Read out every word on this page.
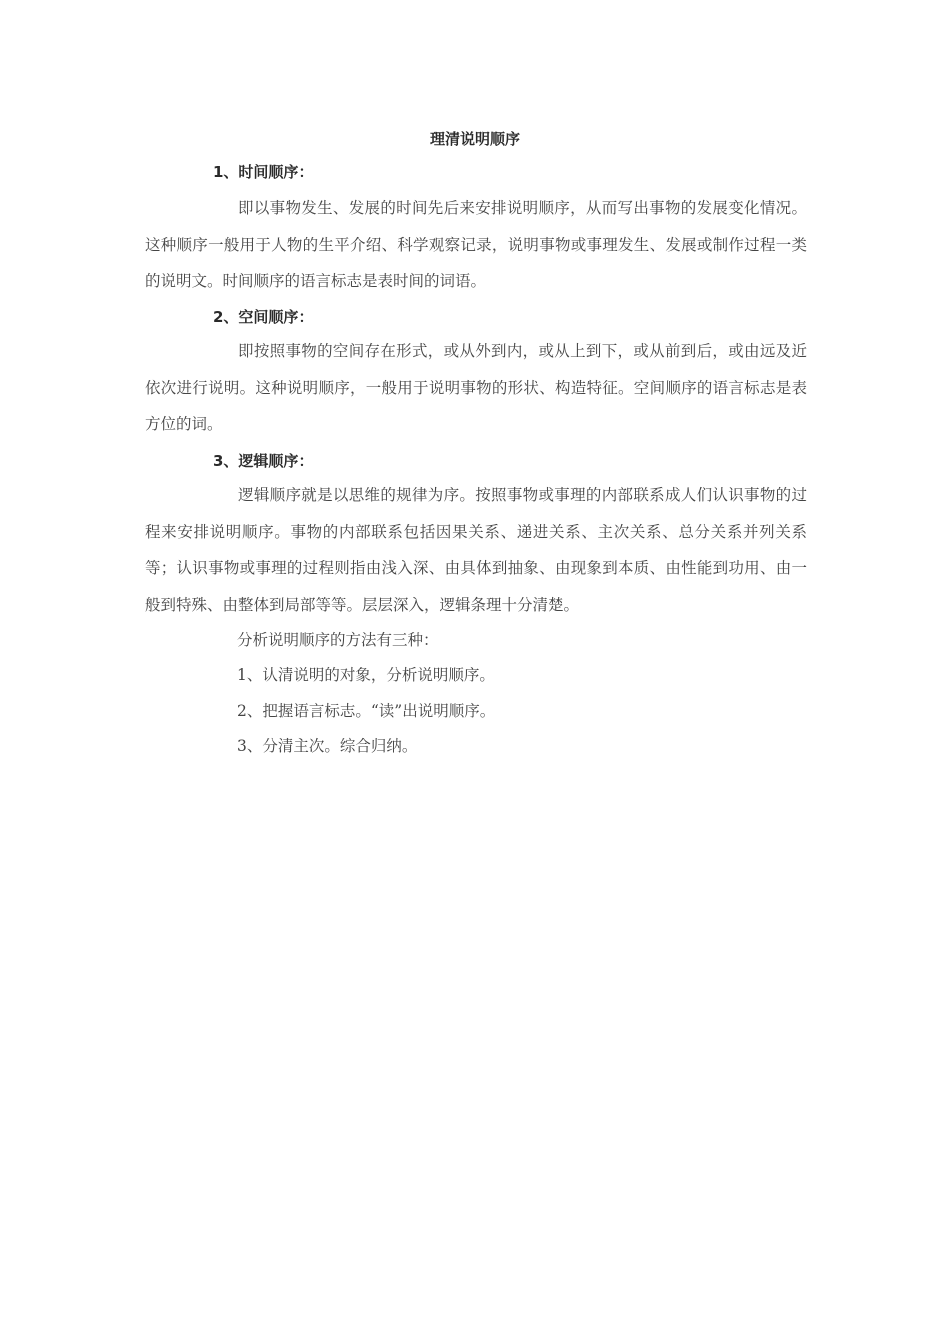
理清说明顺序
1、时间顺序：

即以事物发生、发展的时间先后来安排说明顺序，从而写出事物的发展变化情况。这种顺序一般用于人物的生平介绍、科学观察记录，说明事物或事理发生、发展或制作过程一类的说明文。时间顺序的语言标志是表时间的词语。

2、空间顺序：

即按照事物的空间存在形式，或从外到内，或从上到下，或从前到后，或由远及近依次进行说明。这种说明顺序，一般用于说明事物的形状、构造特征。空间顺序的语言标志是表方位的词。

3、逻辑顺序：

逻辑顺序就是以思维的规律为序。按照事物或事理的内部联系成人们认识事物的过程来安排说明顺序。事物的内部联系包括因果关系、递进关系、主次关系、总分关系并列关系等；认识事物或事理的过程则指由浅入深、由具体到抽象、由现象到本质、由性能到功用、由一般到特殊、由整体到局部等等。层层深入，逻辑条理十分清楚。

分析说明顺序的方法有三种：

1、认清说明的对象，分析说明顺序。

2、把握语言标志。“读”出说明顺序。

3、分清主次。综合归纳。
